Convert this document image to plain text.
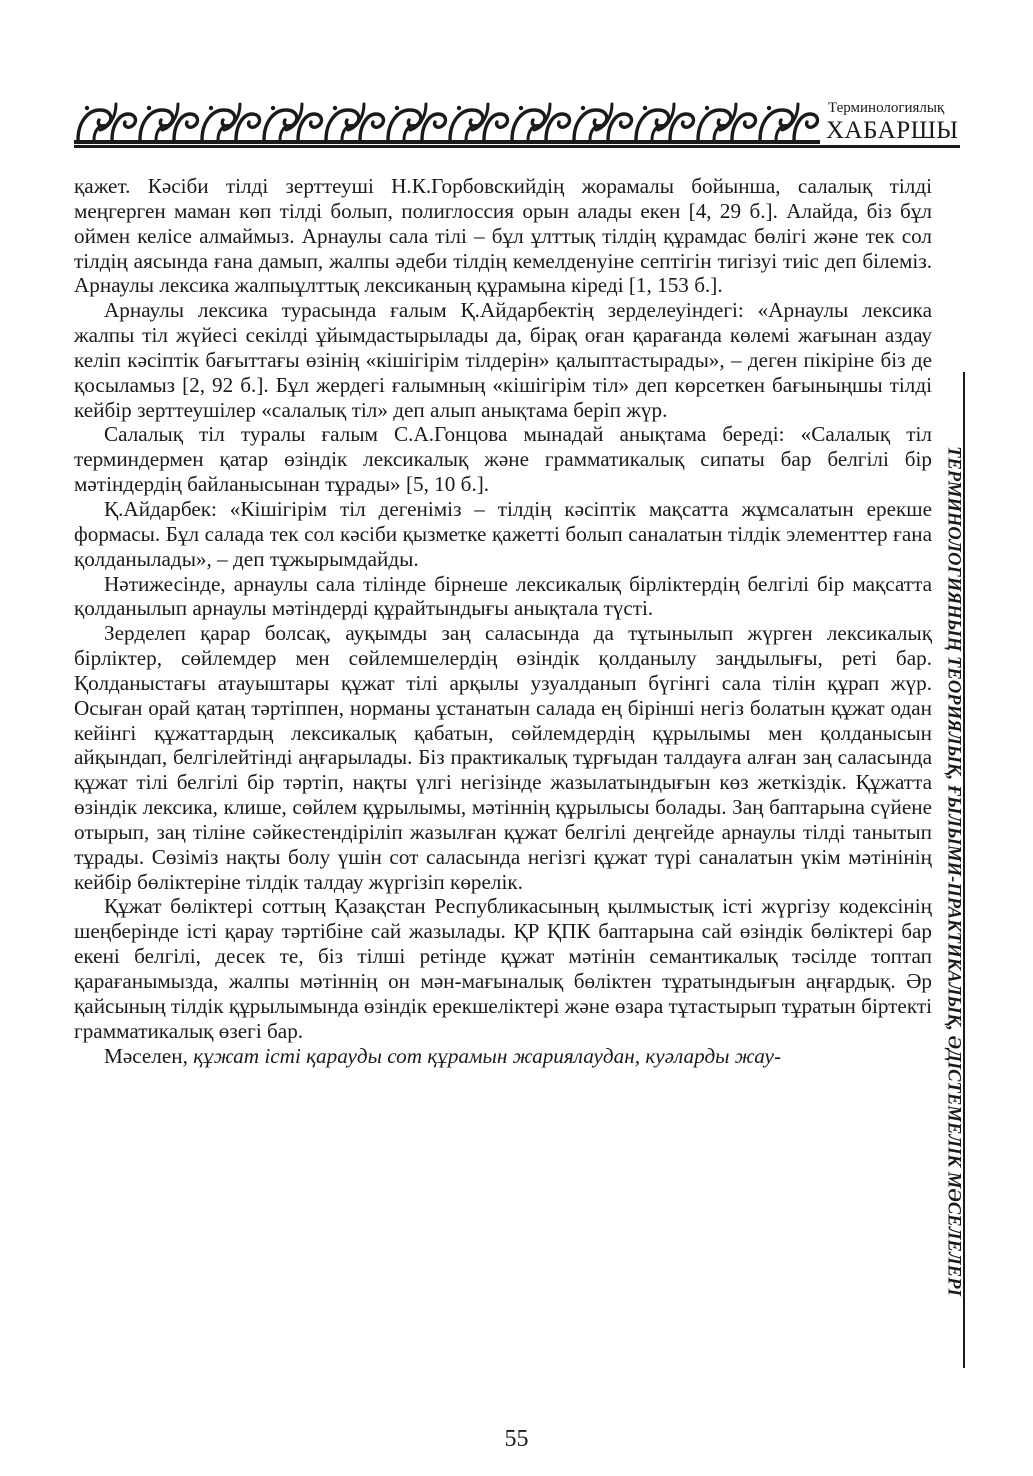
Терминологиялық
ХАБАРШЫ

қажет. Кәсіби тілді зерттеуші Н.К.Горбовскийдің жорамалы бойынша, салалық тілді меңгерген маман көп тілді болып, полиглоссия орын алады екен [4, 29 б.]. Алайда, біз бұл оймен келісе алмаймыз. Арнаулы сала тілі – бұл ұлттық тілдің құрамдас бөлігі және тек сол тілдің аясында ғана дамып, жалпы әдеби тілдің кемелденуіне септігін тигізуі тиіс деп білеміз. Арнаулы лексика жалпыұлттық лексиканың құрамына кіреді [1, 153 б.].

Арнаулы лексика турасында ғалым Қ.Айдарбектің зерделеуіндегі: «Арнаулы лексика жалпы тіл жүйесі секілді ұйымдастырылады да, бірақ оған қарағанда көлемі жағынан аздау келіп кәсіптік бағыттағы өзінің «кішігірім тілдерін» қалыптастырады», – деген пікіріне біз де қосыламыз [2, 92 б.]. Бұл жердегі ғалымның «кішігірім тіл» деп көрсеткен бағыныңшы тілді кейбір зерттеушілер «салалық тіл» деп алып анықтама беріп жүр.

Салалық тіл туралы ғалым С.А.Гонцова мынадай анықтама береді: «Салалық тіл терминдермен қатар өзіндік лексикалық және грамматикалық сипаты бар белгілі бір мәтіндердің байланысынан тұрады» [5, 10 б.].

Қ.Айдарбек: «Кішігірім тіл дегеніміз – тілдің кәсіптік мақсатта жұмсалатын ерекше формасы. Бұл салада тек сол кәсіби қызметке қажетті болып саналатын тілдік элементтер ғана қолданылады», – деп тұжырымдайды.

Нәтижесінде, арнаулы сала тілінде бірнеше лексикалық бірліктердің белгілі бір мақсатта қолданылып арнаулы мәтіндерді құрайтындығы анықтала түсті.

Зерделеп қарар болсақ, ауқымды заң саласында да тұтынылып жүрген лексикалық бірліктер, сөйлемдер мен сөйлемшелердің өзіндік қолданылу заңдылығы, реті бар. Қолданыстағы атауыштары құжат тілі арқылы узуалданып бүгінгі сала тілін құрап жүр. Осыған орай қатаң тәртіппен, норманы ұстанатын салада ең бірінші негіз болатын құжат одан кейінгі құжаттардың лексикалық қабатын, сөйлемдердің құрылымы мен қолданысын айқындап, белгілейтінді аңғарылады. Біз практикалық тұрғыдан талдауға алған заң саласында құжат тілі белгілі бір тәртіп, нақты үлгі негізінде жазылатындығын көз жеткіздік. Құжатта өзіндік лексика, клише, сөйлем құрылымы, мәтіннің құрылысы болады. Заң баптарына сүйене отырып, заң тіліне сәйкестендіріліп жазылған құжат белгілі деңгейде арнаулы тілді танытып тұрады. Сөзіміз нақты болу үшін сот саласында негізгі құжат түрі саналатын үкім мәтінінің кейбір бөліктеріне тілдік талдау жүргізіп көрелік.

Құжат бөліктері соттың Қазақстан Республикасының қылмыстық істі жүргізу кодексінің шеңберінде істі қарау тәртібіне сай жазылады. ҚР ҚПК баптарына сай өзіндік бөліктері бар екені белгілі, десек те, біз тілші ретінде құжат мәтінін семантикалық тәсілде топтап қарағанымызда, жалпы мәтіннің он мән-мағыналық бөліктен тұратындығын аңғардық. Әр қайсының тілдік құрылымында өзіндік ерекшеліктері және өзара тұтастырып тұратын біртекті грамматикалық өзегі бар.

Мәселен, құжат істі қарауды сот құрамын жариялаудан, куәларды жау-	ТЕРМИНОЛОГИЯНЫҢ ТЕОРИЯЛЫҚ, ҒЫЛЫМИ-ПРАКТИКАЛЫҚ, ӘДІСТЕМЕЛІК МӘСЕЛЕЛЕРІ
55
